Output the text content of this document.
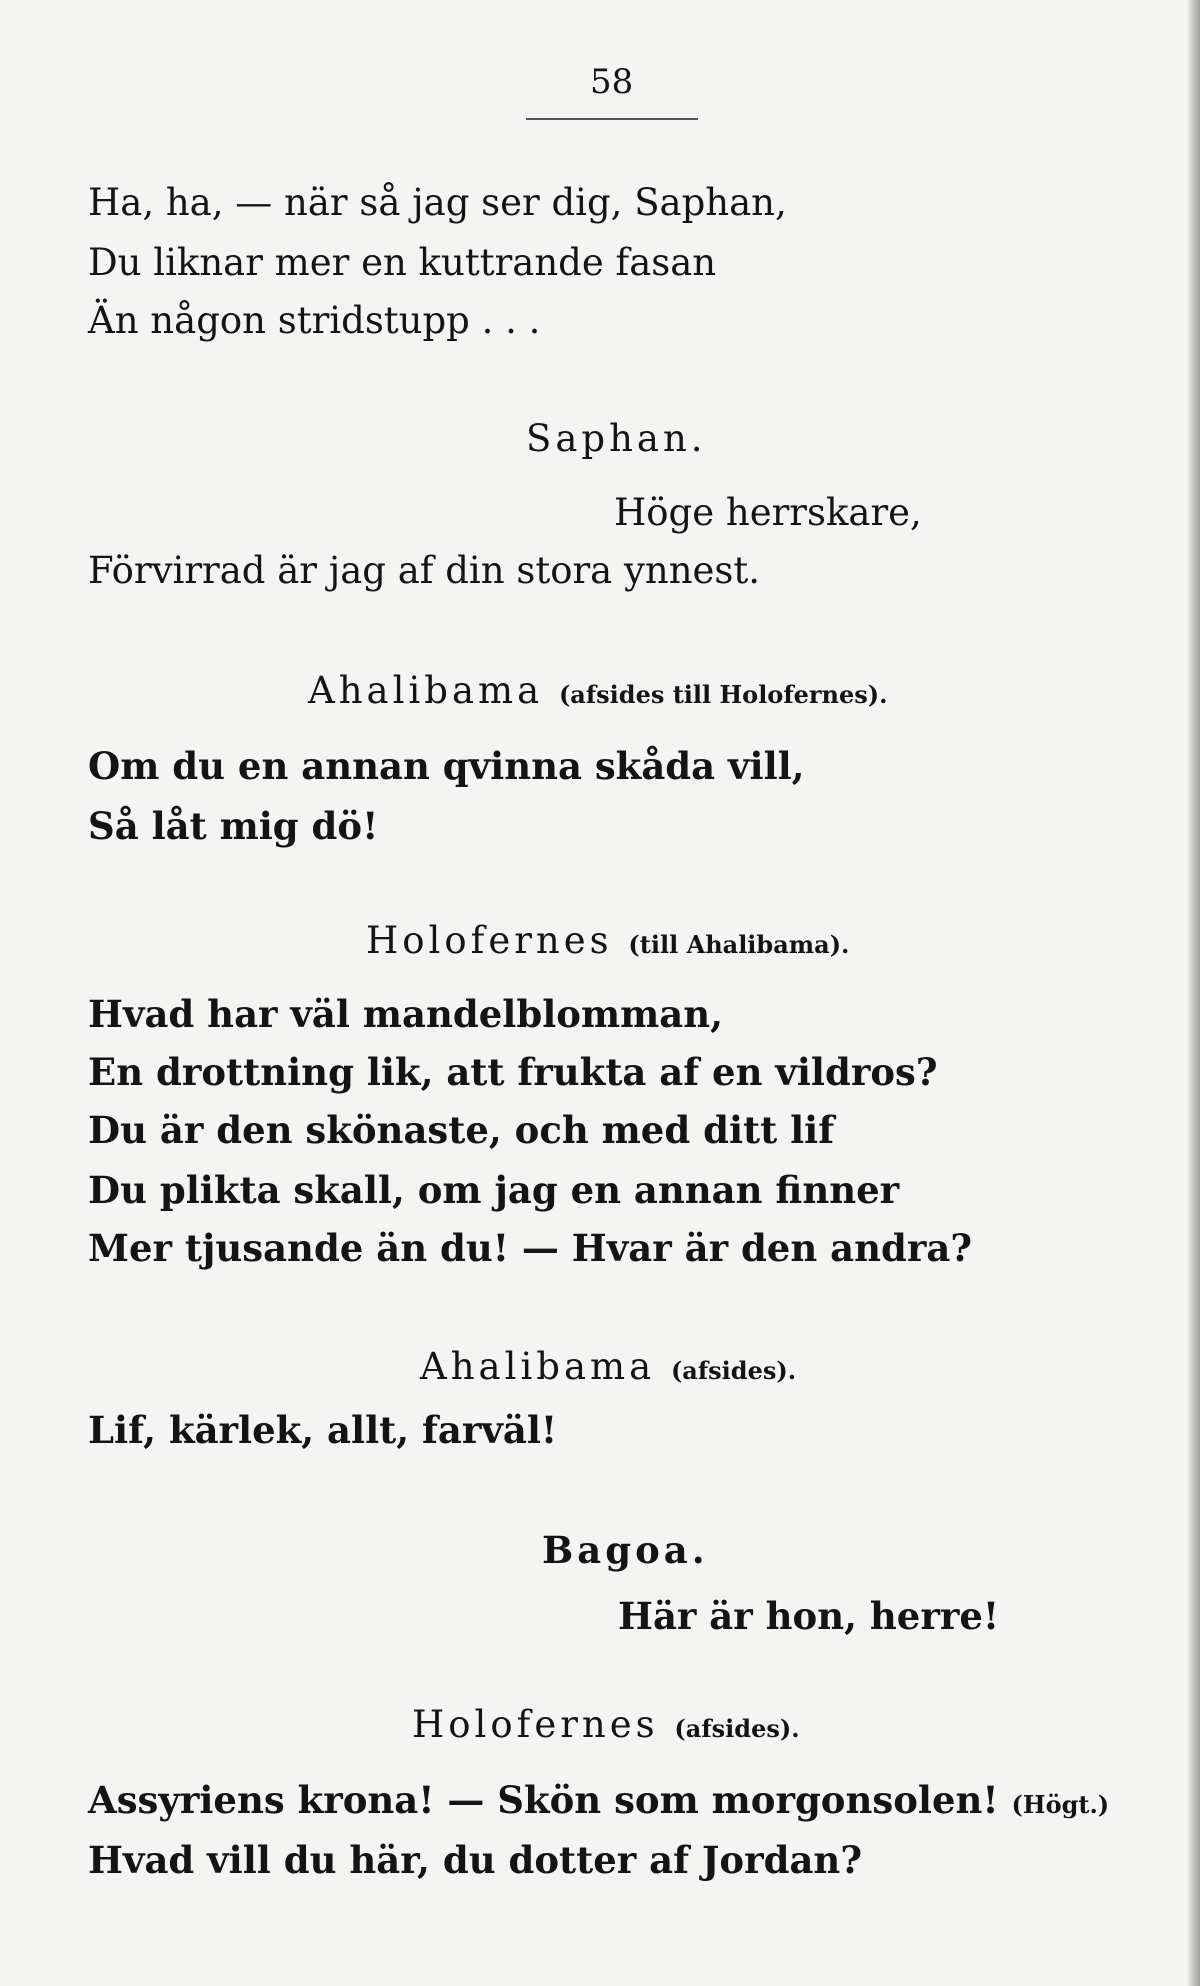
58
Ha, ha, — när så jag ser dig, Saphan,
Du liknar mer en kuttrande fasan
Än någon stridstupp . . .
Saphan.
Höge herrskare,
Förvirrad är jag af din stora ynnest.
Ahalibama (afsides till Holofernes).
Om du en annan qvinna skåda vill,
Så låt mig dö!
Holofernes (till Ahalibama).
Hvad har väl mandelblomman,
En drottning lik, att frukta af en vildros?
Du är den skönaste, och med ditt lif
Du plikta skall, om jag en annan finner
Mer tjusande än du! — Hvar är den andra?
Ahalibama (afsides).
Lif, kärlek, allt, farväl!
Bagoa.
Här är hon, herre!
Holofernes (afsides).
Assyriens krona! — Skön som morgonsolen! (Högt.)
Hvad vill du här, du dotter af Jordan?
